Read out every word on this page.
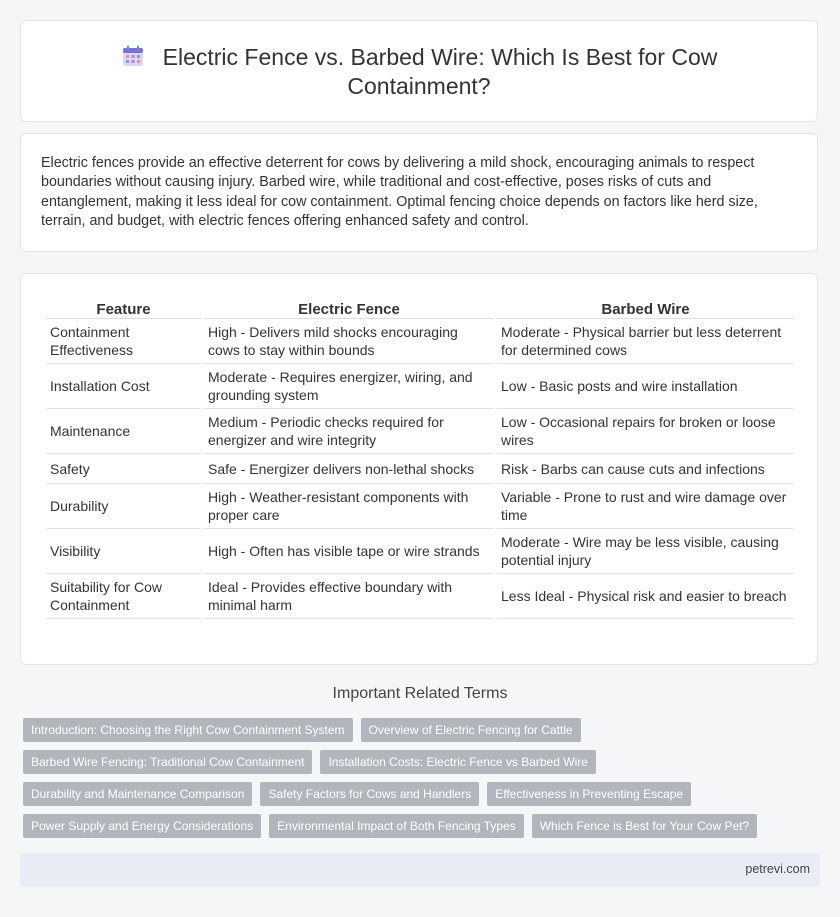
Electric Fence vs. Barbed Wire: Which Is Best for Cow
Containment?

Electric fences provide an effective deterrent for cows by delivering a mild shock, encouraging animals to respect boundaries without causing injury. Barbed wire, while traditional and cost-effective, poses risks of cuts and entanglement, making it less ideal for cow containment. Optimal fencing choice depends on factors like herd size, terrain, and budget, with electric fences offering enhanced safety and control.

Feature	Electric Fence	Barbed Wire
Containment Effectiveness	High - Delivers mild shocks encouraging cows to stay within bounds	Moderate - Physical barrier but less deterrent for determined cows
Installation Cost	Moderate - Requires energizer, wiring, and grounding system	Low - Basic posts and wire installation
Maintenance	Medium - Periodic checks required for energizer and wire integrity	Low - Occasional repairs for broken or loose wires
Safety	Safe - Energizer delivers non-lethal shocks	Risk - Barbs can cause cuts and infections
Durability	High - Weather-resistant components with proper care	Variable - Prone to rust and wire damage over time
Visibility	High - Often has visible tape or wire strands	Moderate - Wire may be less visible, causing potential injury
Suitability for Cow Containment	Ideal - Provides effective boundary with minimal harm	Less Ideal - Physical risk and easier to breach
Important Related Terms
Introduction: Choosing the Right Cow Containment System	Overview of Electric Fencing for Cattle
Barbed Wire Fencing: Traditional Cow Containment	Installation Costs: Electric Fence vs Barbed Wire
Durability and Maintenance Comparison	Safety Factors for Cows and Handlers	Effectiveness in Preventing Escape
Power Supply and Energy Considerations	Environmental Impact of Both Fencing Types	Which Fence is Best for Your Cow Pet?
petrevi.com
